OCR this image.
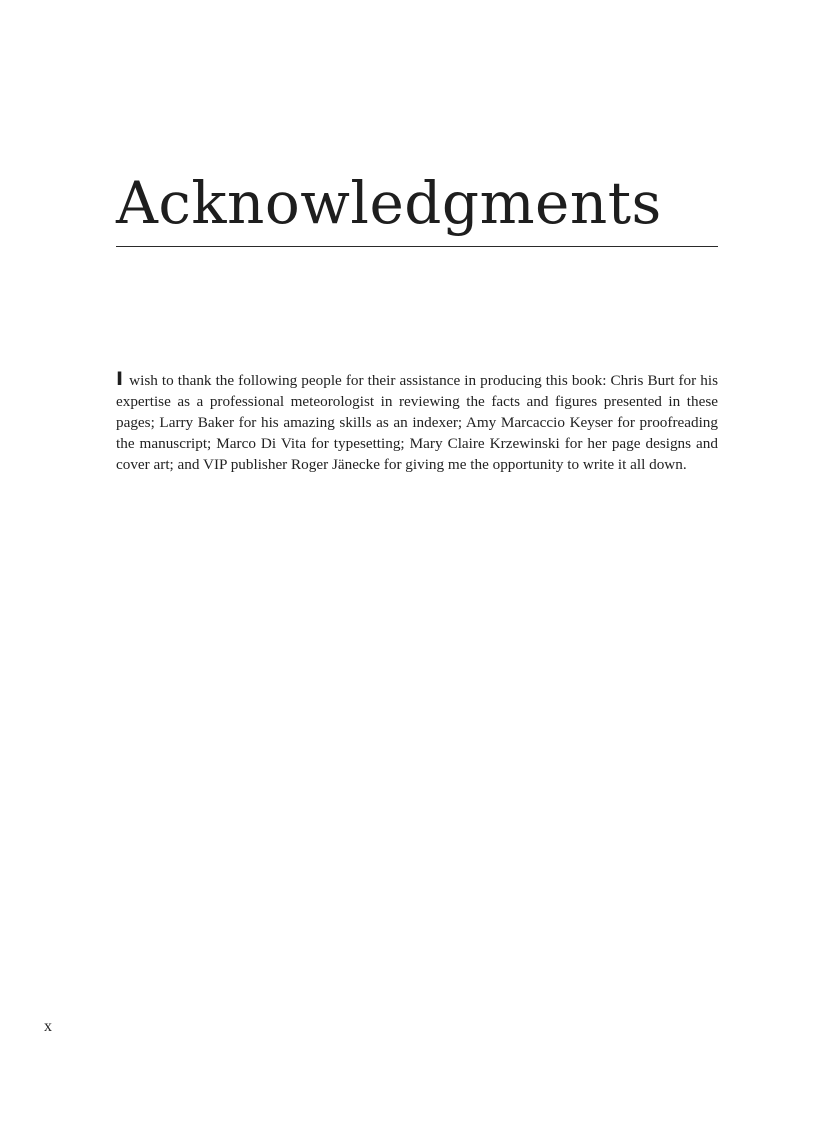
Acknowledgments

I wish to thank the following people for their assistance in producing this book: Chris Burt for his expertise as a professional meteorologist in reviewing the facts and figures presented in these pages; Larry Baker for his amazing skills as an indexer; Amy Marcaccio Keyser for proofreading the manuscript; Marco Di Vita for typesetting; Mary Claire Krzewinski for her page designs and cover art; and VIP publisher Roger Jänecke for giving me the opportunity to write it all down.

x
